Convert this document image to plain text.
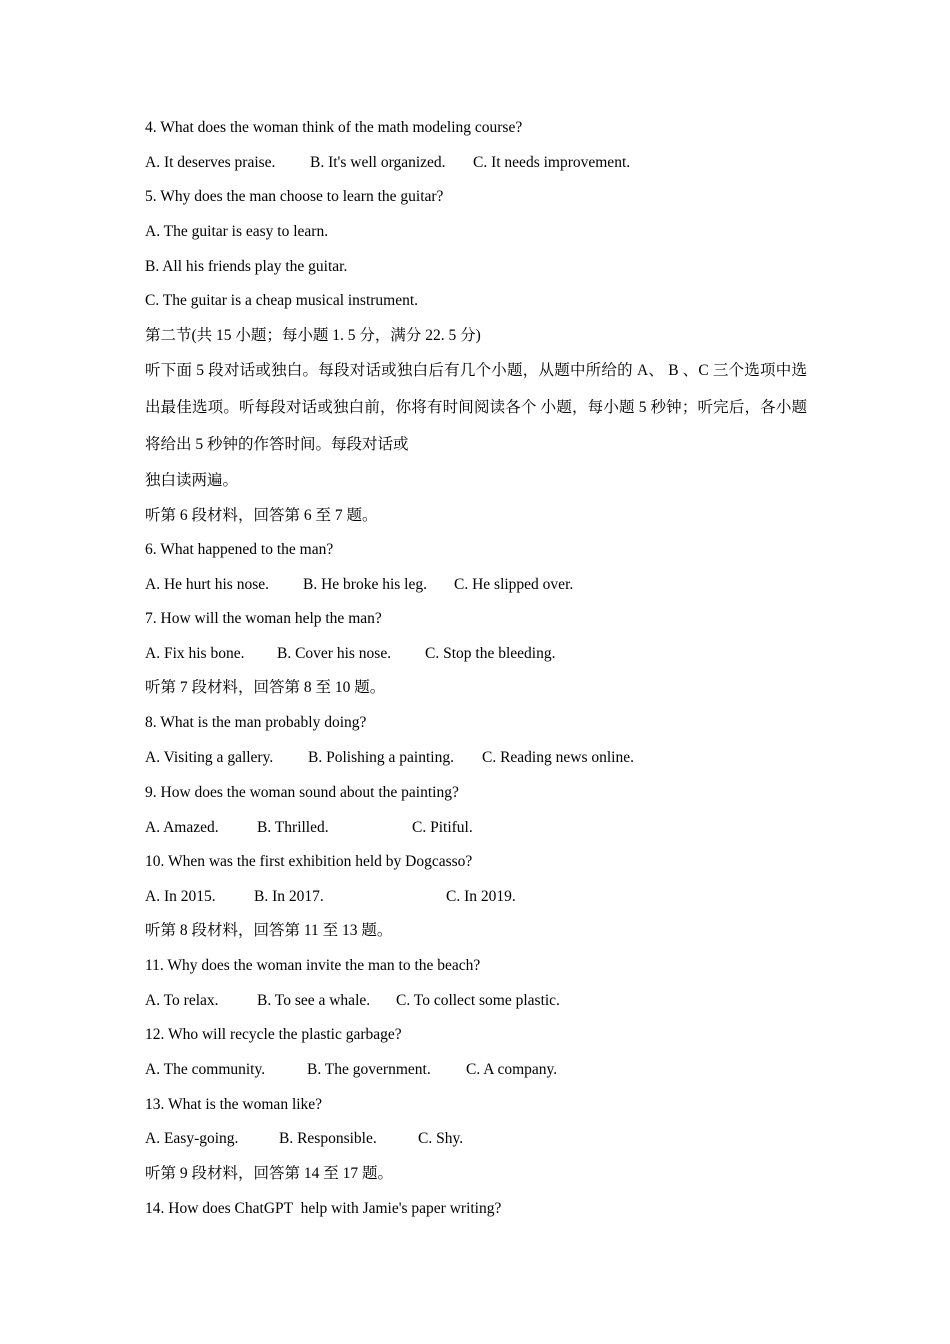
4. What does the woman think of the math modeling course?
A. It deserves praise. B. It's well organized. C. It needs improvement.
5. Why does the man choose to learn the guitar?
A. The guitar is easy to learn.
B. All his friends play the guitar.
C. The guitar is a cheap musical instrument.
第二节(共 15 小题；每小题 1. 5 分，满分 22. 5 分)
听下面 5 段对话或独白。每段对话或独白后有几个小题，从题中所给的 A、 B 、C 三个选项中选出最佳选项。听每段对话或独白前，你将有时间阅读各个 小题，每小题 5 秒钟；听完后，各小题将给出 5 秒钟的作答时间。每段对话或
独白读两遍。
听第 6 段材料，回答第 6 至 7 题。
6. What happened to the man?
A. He hurt his nose. B. He broke his leg. C. He slipped over.
7. How will the woman help the man?
A. Fix his bone. B. Cover his nose. C. Stop the bleeding.
听第 7 段材料，回答第 8 至 10 题。
8. What is the man probably doing?
A. Visiting a gallery. B. Polishing a painting. C. Reading news online.
9. How does the woman sound about the painting?
A. Amazed. B. Thrilled.	C. Pitiful.
10. When was the first exhibition held by Dogcasso?
A. In 2015. B. In 2017.	C. In 2019.
听第 8 段材料，回答第 11 至 13 题。
11. Why does the woman invite the man to the beach?
A. To relax. B. To see a whale. C. To collect some plastic.
12. Who will recycle the plastic garbage?
A. The community.	B. The government. C. A company.
13. What is the woman like?
A. Easy-going.	B. Responsible.	C. Shy.
听第 9 段材料，回答第 14 至 17 题。
14. How does ChatGPT  help with Jamie's paper writing?
